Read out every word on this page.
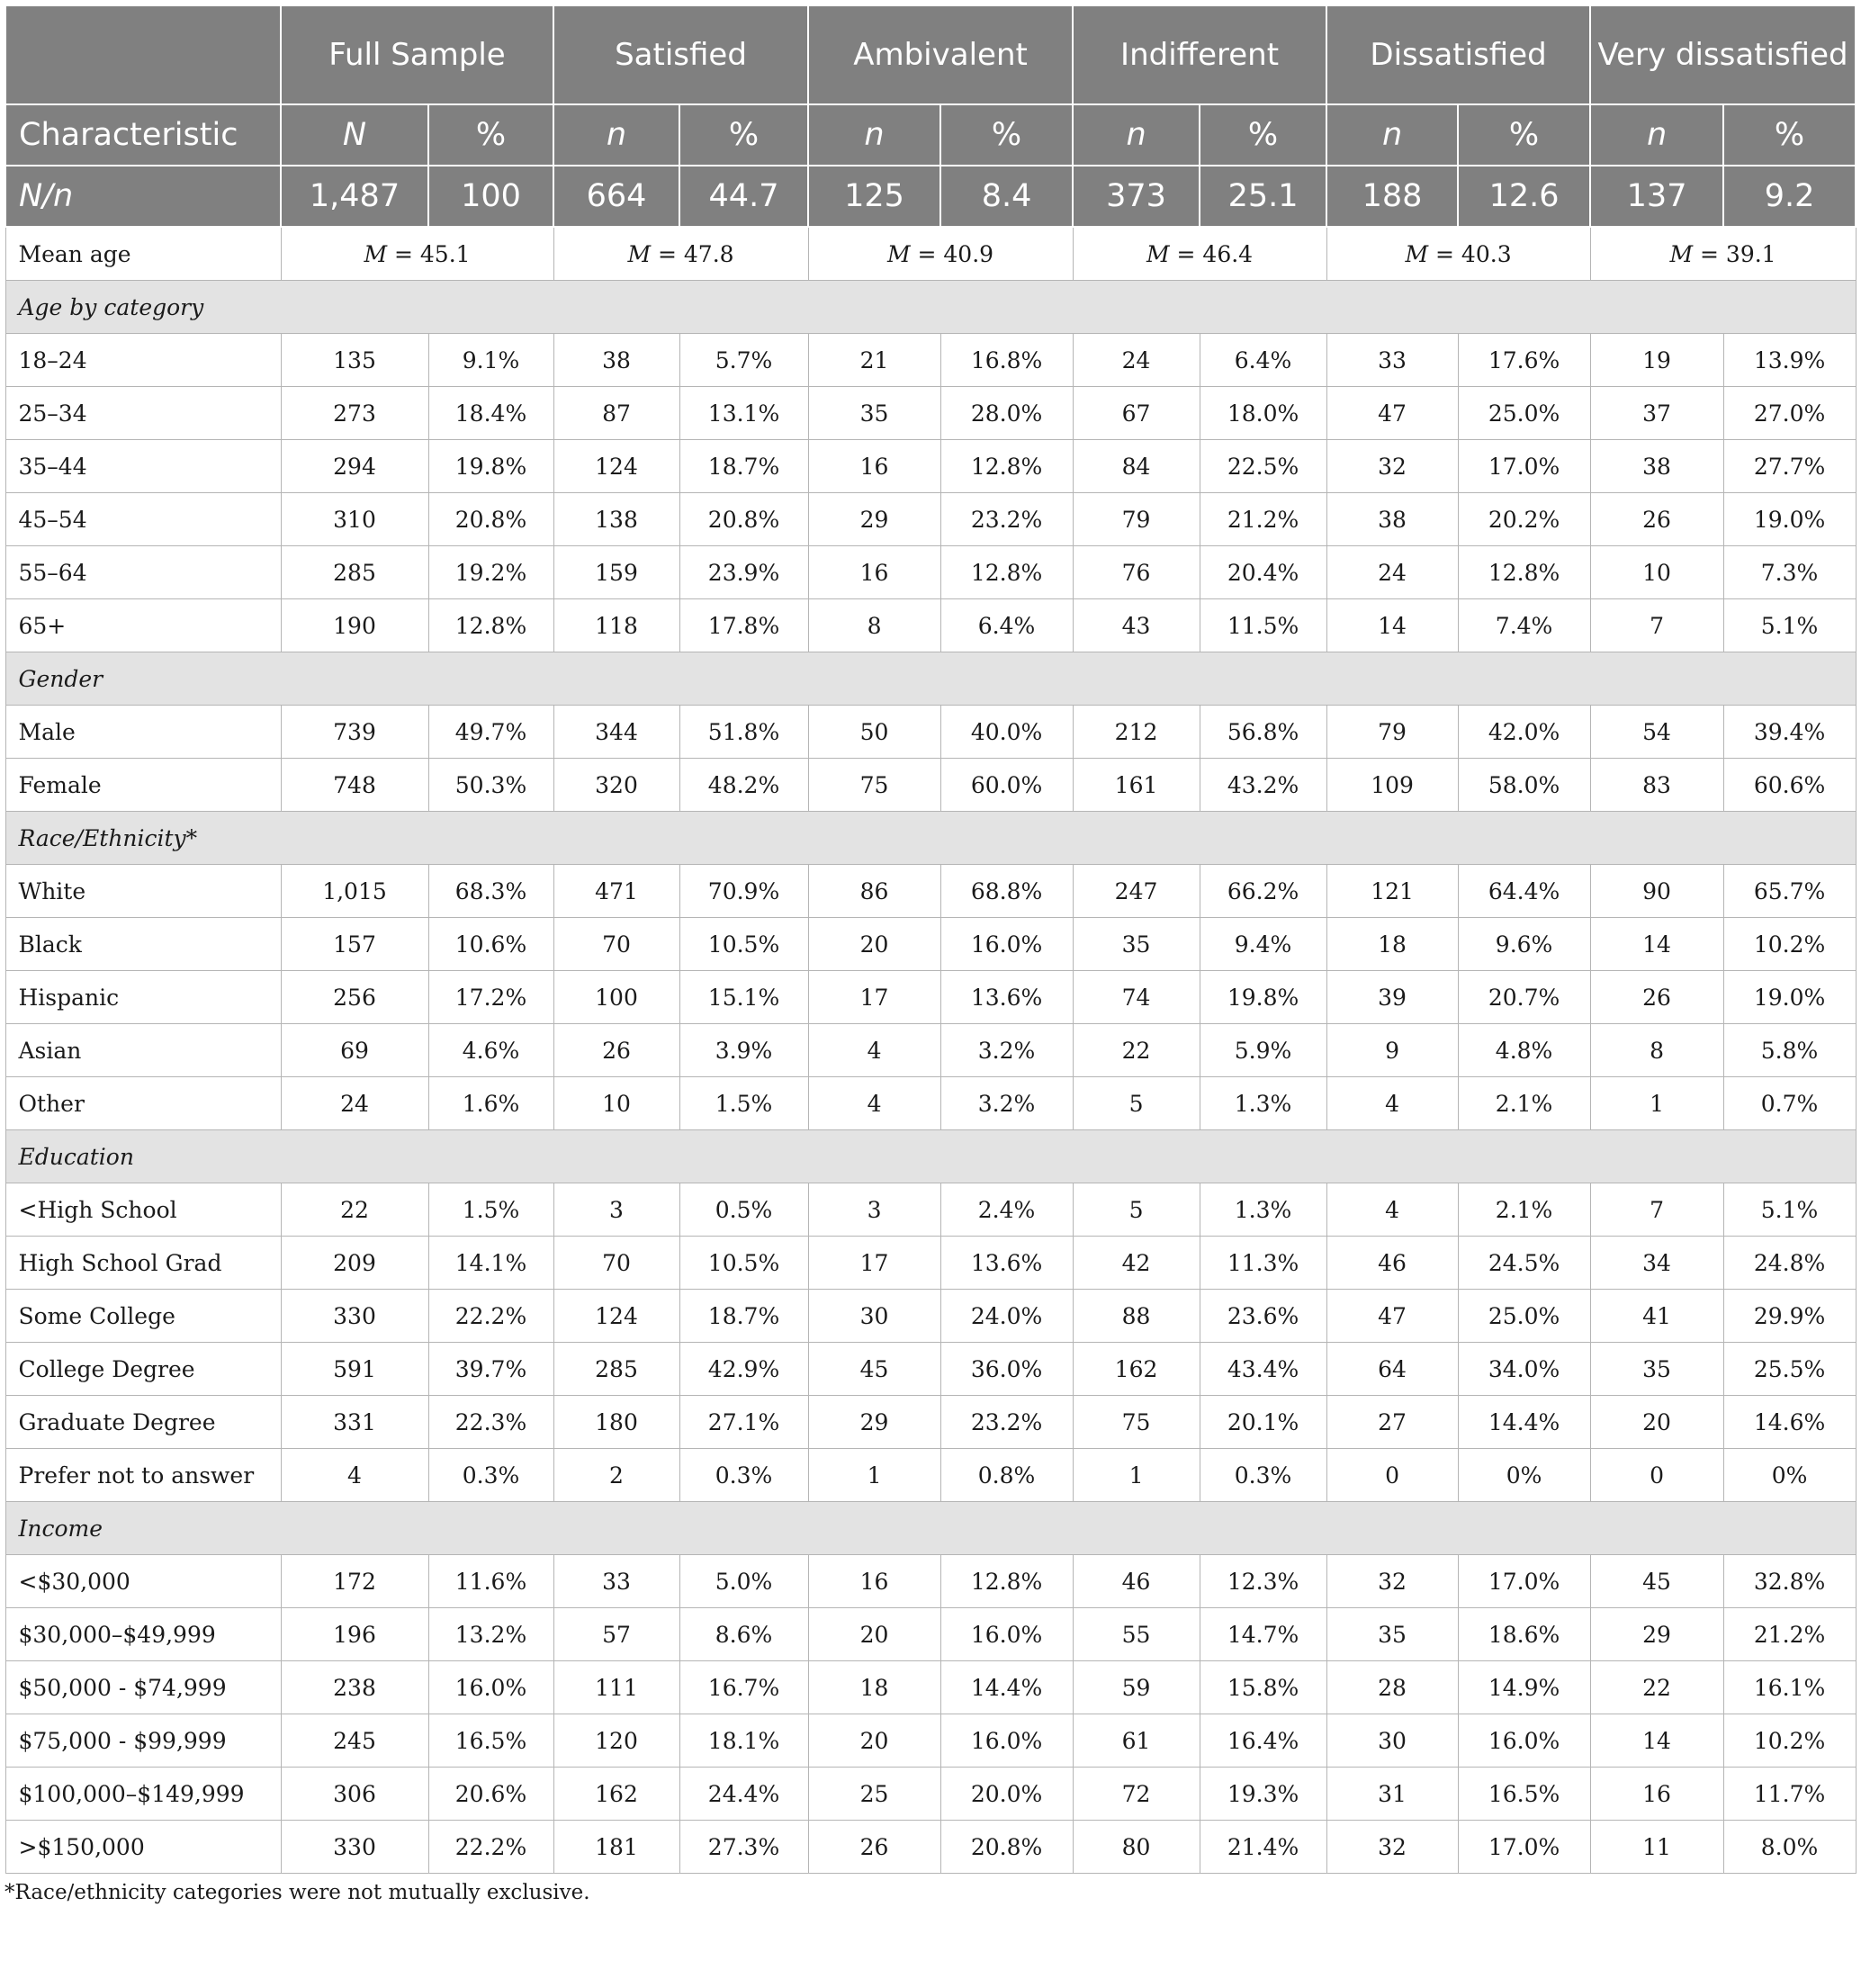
	Full Sample		Satisfied		Ambivalent		Indifferent		Dissatisfied		Very dissatisfied	
Characteristic	N	%	n	%	n	%	n	%	n	%	n	%
N/n	1,487	100	664	44.7	125	8.4	373	25.1	188	12.6	137	9.2
Mean age	M = 45.1		M = 47.8		M = 40.9		M = 46.4		M = 40.3		M = 39.1	
Age by category												
18–24	135	9.1%	38	5.7%	21	16.8%	24	6.4%	33	17.6%	19	13.9%
25–34	273	18.4%	87	13.1%	35	28.0%	67	18.0%	47	25.0%	37	27.0%
35–44	294	19.8%	124	18.7%	16	12.8%	84	22.5%	32	17.0%	38	27.7%
45–54	310	20.8%	138	20.8%	29	23.2%	79	21.2%	38	20.2%	26	19.0%
55–64	285	19.2%	159	23.9%	16	12.8%	76	20.4%	24	12.8%	10	7.3%
65+	190	12.8%	118	17.8%	8	6.4%	43	11.5%	14	7.4%	7	5.1%
Gender												
Male	739	49.7%	344	51.8%	50	40.0%	212	56.8%	79	42.0%	54	39.4%
Female	748	50.3%	320	48.2%	75	60.0%	161	43.2%	109	58.0%	83	60.6%
Race/Ethnicity*												
White	1,015	68.3%	471	70.9%	86	68.8%	247	66.2%	121	64.4%	90	65.7%
Black	157	10.6%	70	10.5%	20	16.0%	35	9.4%	18	9.6%	14	10.2%
Hispanic	256	17.2%	100	15.1%	17	13.6%	74	19.8%	39	20.7%	26	19.0%
Asian	69	4.6%	26	3.9%	4	3.2%	22	5.9%	9	4.8%	8	5.8%
Other	24	1.6%	10	1.5%	4	3.2%	5	1.3%	4	2.1%	1	0.7%
Education												
<High School	22	1.5%	3	0.5%	3	2.4%	5	1.3%	4	2.1%	7	5.1%
High School Grad	209	14.1%	70	10.5%	17	13.6%	42	11.3%	46	24.5%	34	24.8%
Some College	330	22.2%	124	18.7%	30	24.0%	88	23.6%	47	25.0%	41	29.9%
College Degree	591	39.7%	285	42.9%	45	36.0%	162	43.4%	64	34.0%	35	25.5%
Graduate Degree	331	22.3%	180	27.1%	29	23.2%	75	20.1%	27	14.4%	20	14.6%
Prefer not to answer	4	0.3%	2	0.3%	1	0.8%	1	0.3%	0	0%	0	0%
Income												
<$30,000	172	11.6%	33	5.0%	16	12.8%	46	12.3%	32	17.0%	45	32.8%
$30,000–$49,999	196	13.2%	57	8.6%	20	16.0%	55	14.7%	35	18.6%	29	21.2%
$50,000 - $74,999	238	16.0%	111	16.7%	18	14.4%	59	15.8%	28	14.9%	22	16.1%
$75,000 - $99,999	245	16.5%	120	18.1%	20	16.0%	61	16.4%	30	16.0%	14	10.2%
$100,000–$149,999	306	20.6%	162	24.4%	25	20.0%	72	19.3%	31	16.5%	16	11.7%
>$150,000	330	22.2%	181	27.3%	26	20.8%	80	21.4%	32	17.0%	11	8.0%
*Race/ethnicity categories were not mutually exclusive.
